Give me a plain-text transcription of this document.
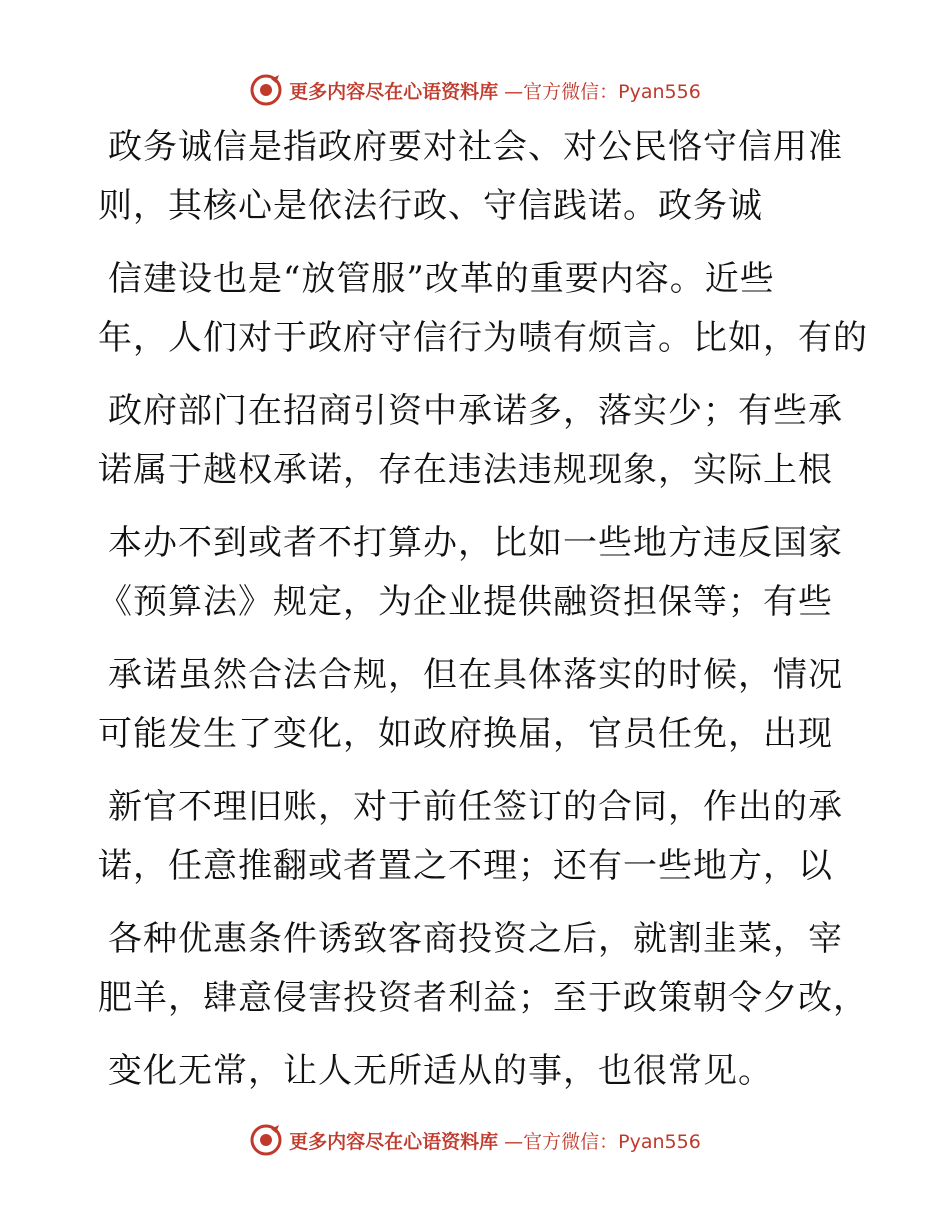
更多内容尽在心语资料库 —官方微信：Pyan556
政务诚信是指政府要对社会、对公民恪守信用准
则，其核心是依法行政、守信践诺。政务诚
信建设也是“放管服”改革的重要内容。近些
年，人们对于政府守信行为啧有烦言。比如，有的
政府部门在招商引资中承诺多，落实少；有些承
诺属于越权承诺，存在违法违规现象，实际上根
本办不到或者不打算办，比如一些地方违反国家
《预算法》规定，为企业提供融资担保等；有些
承诺虽然合法合规，但在具体落实的时候，情况
可能发生了变化，如政府换届，官员任免，出现
新官不理旧账，对于前任签订的合同，作出的承
诺，任意推翻或者置之不理；还有一些地方，以
各种优惠条件诱致客商投资之后，就割韭菜，宰
肥羊，肆意侵害投资者利益；至于政策朝令夕改，
变化无常，让人无所适从的事，也很常见。
更多内容尽在心语资料库 —官方微信：Pyan556
